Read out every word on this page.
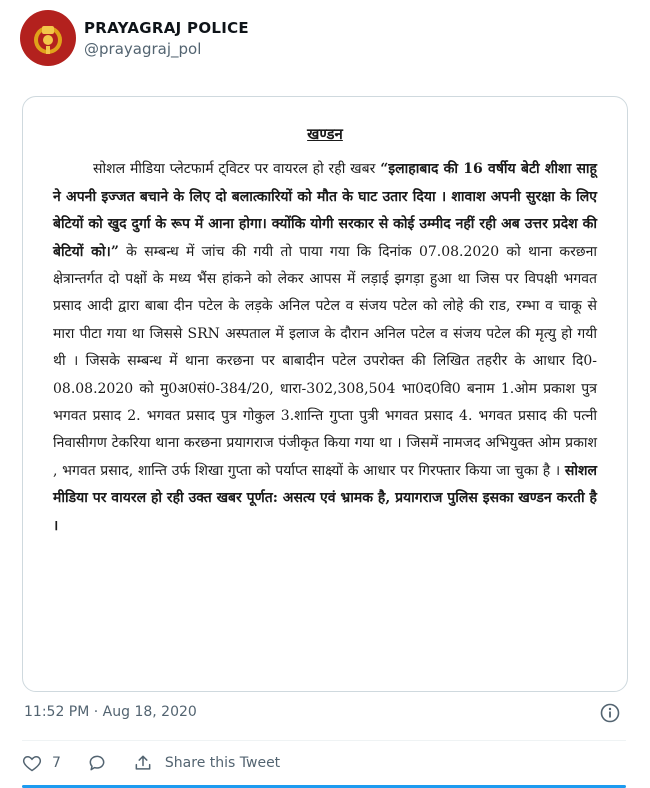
PRAYAGRAJ POLICE
@prayagraj_pol
खण्डन
सोशल मीडिया प्लेटफार्म ट्विटर पर वायरल हो रही खबर “इलाहाबाद की 16 वर्षीय बेटी शीशा साहू ने अपनी इज्जत बचाने के लिए दो बलात्कारियों को मौत के घाट उतार दिया । शावाश अपनी सुरक्षा के लिए बेटियों को खुद दुर्गा के रूप में आना होगा। क्योंकि योगी सरकार से कोई उम्मीद नहीं रही अब उत्तर प्रदेश की बेटियों को।” के सम्बन्ध में जांच की गयी तो पाया गया कि दिनांक 07.08.2020 को थाना करछना क्षेत्रान्तर्गत दो पक्षों के मध्य भैंस हांकने को लेकर आपस में लड़ाई झगड़ा हुआ था जिस पर विपक्षी भगवत प्रसाद आदी द्वारा बाबा दीन पटेल के लड़के अनिल पटेल व संजय पटेल को लोहे की राड, रम्भा व चाकू से मारा पीटा गया था जिससे SRN अस्पताल में इलाज के दौरान अनिल पटेल व संजय पटेल की मृत्यु हो गयी थी । जिसके सम्बन्ध में थाना करछना पर बाबादीन पटेल उपरोक्त की लिखित तहरीर के आधार दि0-08.08.2020 को मु0अ0सं0-384/20, धारा-302,308,504 भा0द0वि0 बनाम 1.ओम प्रकाश पुत्र भगवत प्रसाद 2. भगवत प्रसाद पुत्र गोकुल 3.शान्ति गुप्ता पुत्री भगवत प्रसाद 4. भगवत प्रसाद की पत्नी निवासीगण टेकरिया थाना करछना प्रयागराज पंजीकृत किया गया था । जिसमें नामजद अभियुक्त ओम प्रकाश , भगवत प्रसाद, शान्ति उर्फ शिखा गुप्ता को पर्याप्त साक्ष्यों के आधार पर गिरफ्तार किया जा चुका है । सोशल मीडिया पर वायरल हो रही उक्त खबर पूर्णत: असत्य एवं भ्रामक है, प्रयागराज पुलिस इसका खण्डन करती है ।
11:52 PM · Aug 18, 2020
7	Share this Tweet
